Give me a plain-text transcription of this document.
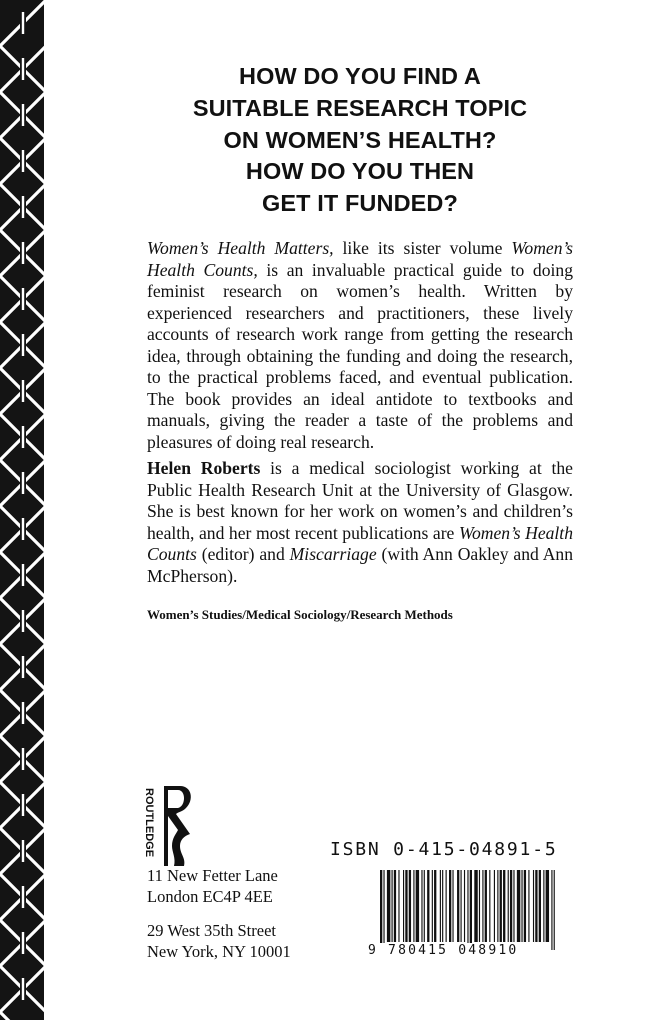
HOW DO YOU FIND A
SUITABLE RESEARCH TOPIC
ON WOMEN’S HEALTH?
HOW DO YOU THEN
GET IT FUNDED?

Women’s Health Matters, like its sister volume Women’s Health Counts, is an invaluable practical guide to doing feminist research on women’s health. Written by experienced researchers and practitioners, these lively accounts of research work range from getting the research idea, through obtaining the funding and doing the research, to the practical problems faced, and eventual publication. The book provides an ideal antidote to textbooks and manuals, giving the reader a taste of the problems and pleasures of doing real research.

Helen Roberts is a medical sociologist working at the Public Health Research Unit at the University of Glasgow. She is best known for her work on women’s and children’s health, and her most recent publications are Women’s Health Counts (editor) and Miscarriage (with Ann Oakley and Ann McPherson).

Women’s Studies/Medical Sociology/Research Methods

ROUTLEDGE
11 New Fetter Lane
London EC4P 4EE
29 West 35th Street
New York, NY 10001

ISBN 0-415-04891-5

9 780415 048910
